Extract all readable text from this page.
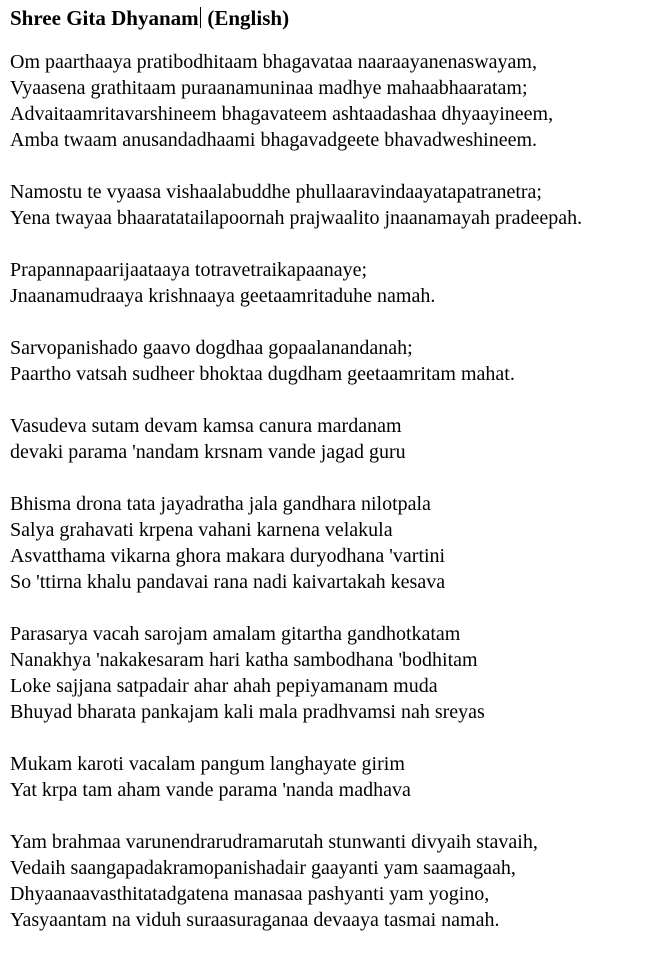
Shree Gita Dhyanam (English)

Om paarthaaya pratibodhitaam bhagavataa naaraayanenaswayam,
Vyaasena grathitaam puraanamuninaa madhye mahaabhaaratam;
Advaitaamritavarshineem bhagavateem ashtaadashaa dhyaayineem,
Amba twaam anusandadhaami bhagavadgeete bhavadweshineem.

Namostu te vyaasa vishaalabuddhe phullaaravindaayatapatranetra;
Yena twayaa bhaaratatailapoornah prajwaalito jnaanamayah pradeepah.

Prapannapaarijaataaya totravetraikapaanaye;
Jnaanamudraaya krishnaaya geetaamritaduhe namah.

Sarvopanishado gaavo dogdhaa gopaalanandanah;
Paartho vatsah sudheer bhoktaa dugdham geetaamritam mahat.

Vasudeva sutam devam kamsa canura mardanam
devaki parama 'nandam krsnam vande jagad guru

Bhisma drona tata jayadratha jala gandhara nilotpala
Salya grahavati krpena vahani karnena velakula
Asvatthama vikarna ghora makara duryodhana 'vartini
So 'ttirna khalu pandavai rana nadi kaivartakah kesava

Parasarya vacah sarojam amalam gitartha gandhotkatam
Nanakhya 'nakakesaram hari katha sambodhana 'bodhitam
Loke sajjana satpadair ahar ahah pepiyamanam muda
Bhuyad bharata pankajam kali mala pradhvamsi nah sreyas

Mukam karoti vacalam pangum langhayate girim
Yat krpa tam aham vande parama 'nanda madhava

Yam brahmaa varunendrarudramarutah stunwanti divyaih stavaih,
Vedaih saangapadakramopanishadair gaayanti yam saamagaah,
Dhyaanaavasthitatadgatena manasaa pashyanti yam yogino,
Yasyaantam na viduh suraasuraganaa devaaya tasmai namah.
